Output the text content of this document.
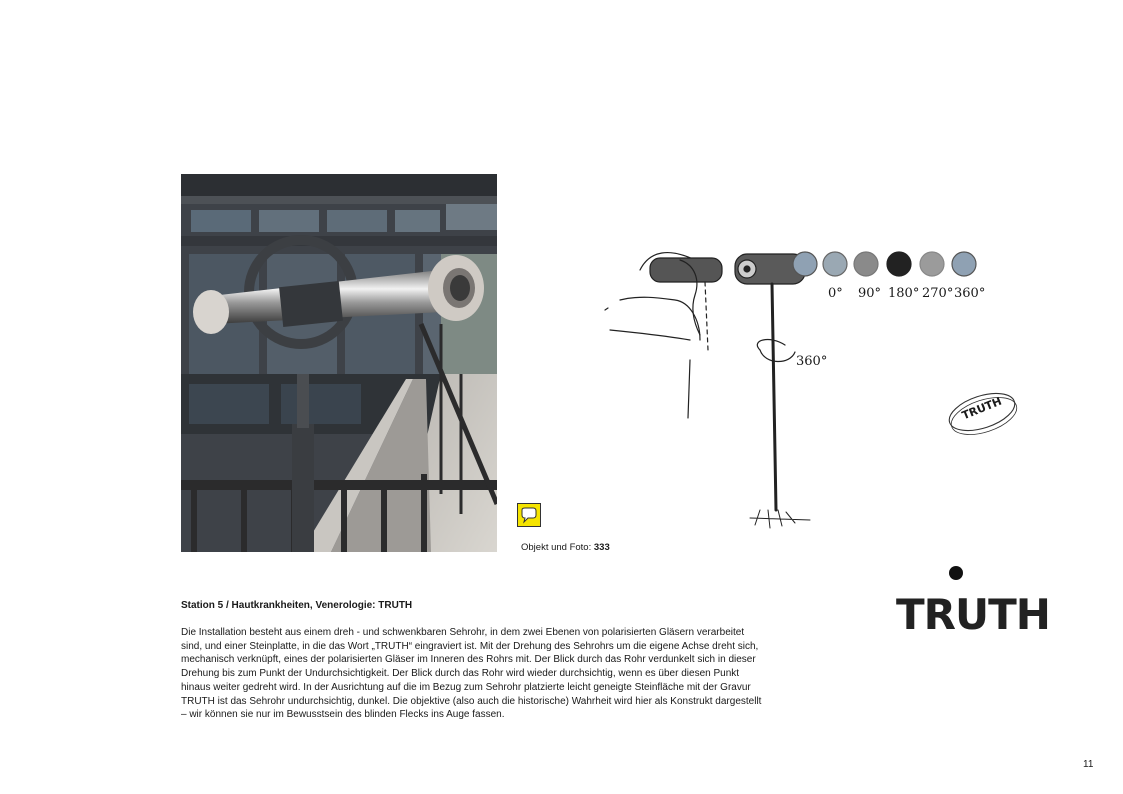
0° 90° 180° 270° 360°
360°
TRUTH
Objekt und Foto: 333
TRUTH
Station 5 / Hautkrankheiten, Venerologie: TRUTH
Die Installation besteht aus einem dreh - und schwenkbaren Sehrohr, in dem zwei Ebenen von polarisierten Gläsern verarbeitet sind, und einer Steinplatte, in die das Wort „TRUTH“ eingraviert ist. Mit der Drehung des Sehrohrs um die eigene Achse dreht sich, mechanisch verknüpft, eines der polarisierten Gläser im Inneren des Rohrs mit. Der Blick durch das Rohr verdunkelt sich in dieser Drehung bis zum Punkt der Undurchsichtigkeit. Der Blick durch das Rohr wird wieder durchsichtig, wenn es über diesen Punkt hinaus weiter gedreht wird. In der Ausrichtung auf die im Bezug zum Sehrohr platzierte leicht geneigte Steinfläche mit der Gravur TRUTH ist das Sehrohr undurchsichtig, dunkel. Die objektive (also auch die historische) Wahrheit wird hier als Konstrukt dargestellt – wir können sie nur im Bewusstsein des blinden Flecks ins Auge fassen.
11
